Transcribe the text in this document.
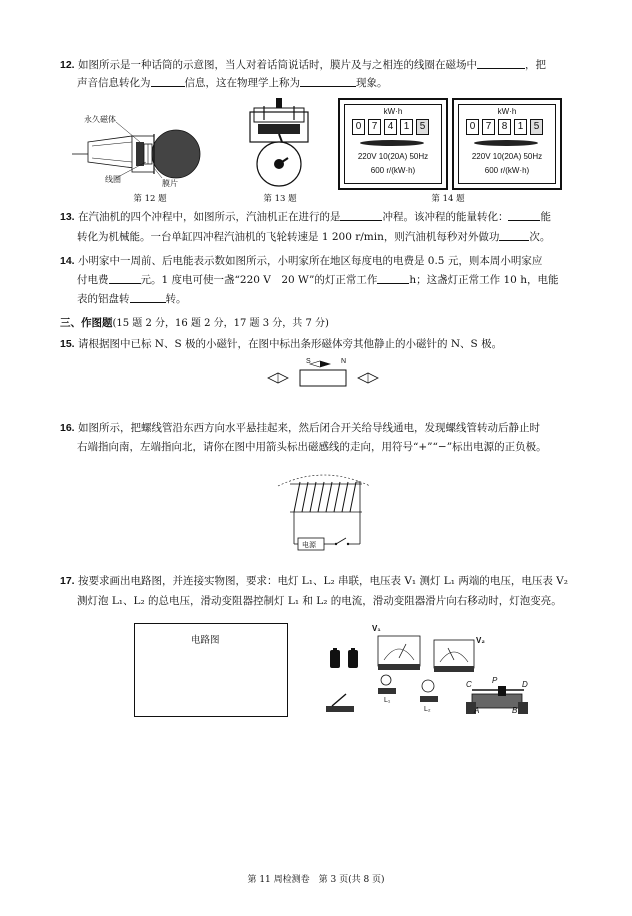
12. 如图所示是一种话筒的示意图，当人对着话筒说话时，膜片及与之相连的线圈在磁场中	，把
声音信息转化为	信息，这在物理学上称为	现象。
永久磁体
线圈	膜片
第 12 题	第 13 题
kW·h
0	7	4	1	5
220V 10(20A) 50Hz
600 r/(kW·h)
kW·h
0	7	8	1	5
220V 10(20A) 50Hz
600 r/(kW·h)
第 14 题
13. 在汽油机的四个冲程中，如图所示，汽油机正在进行的是	冲程。该冲程的能量转化：	能
转化为机械能。一台单缸四冲程汽油机的飞轮转速是 1 200 r/min，则汽油机每秒对外做功	次。
14. 小明家中一周前、后电能表示数如图所示，小明家所在地区每度电的电费是 0.5 元，则本周小明家应
付电费	元。1 度电可使一盏“220 V　20 W”的灯正常工作	h；这盏灯正常工作 10 h，电能
表的铝盘转	转。
三、作图题(15 题 2 分，16 题 2 分，17 题 3 分，共 7 分)
15. 请根据图中已标 N、S 极的小磁针，在图中标出条形磁体旁其他静止的小磁针的 N、S 极。
S	N
16. 如图所示，把螺线管沿东西方向水平悬挂起来，然后闭合开关给导线通电，发现螺线管转动后静止时
右端指向南，左端指向北，请你在图中用箭头标出磁感线的走向，用符号“+”“−”标出电源的正负极。
电源
17. 按要求画出电路图，并连接实物图，要求：电灯 L₁、L₂ 串联，电压表 V₁ 测灯 L₁ 两端的电压，电压表 V₂
测灯泡 L₁、L₂ 的总电压，滑动变阻器控制灯 L₁ 和 L₂ 的电流，滑动变阻器滑片向右移动时，灯泡变亮。
电路图
V₁
V₂
L₁
L₂
C	P	D
A	B
第 11 周检测卷　第 3 页(共 8 页)
